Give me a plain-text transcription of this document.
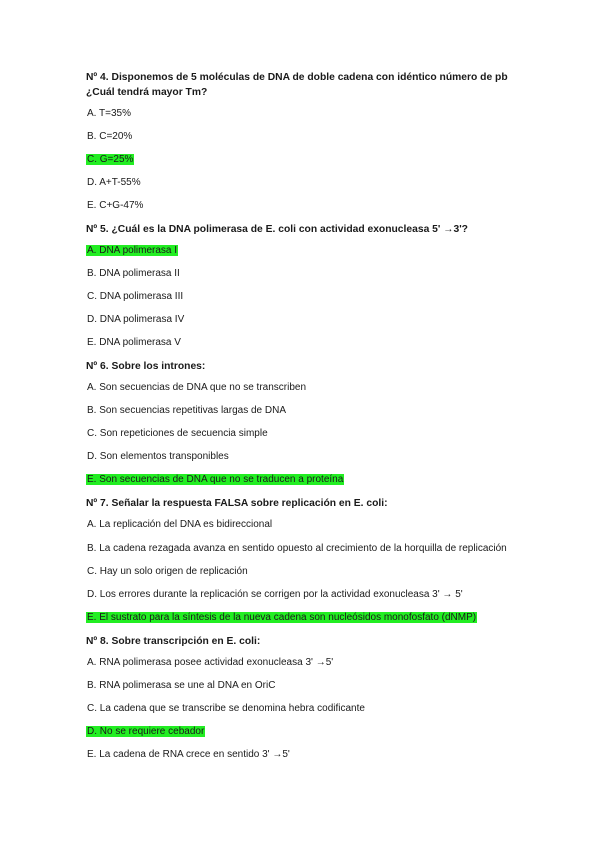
Nº 4. Disponemos de 5 moléculas de DNA de doble cadena con idéntico número de pb ¿Cuál tendrá mayor Tm?
A. T=35%
B. C=20%
C. G=25%
D. A+T-55%
E. C+G-47%
Nº 5. ¿Cuál es la DNA polimerasa de E. coli con actividad exonucleasa 5' →3'?
A. DNA polimerasa I
B. DNA polimerasa II
C. DNA polimerasa III
D. DNA polimerasa IV
E. DNA polimerasa V
Nº 6. Sobre los intrones:
A. Son secuencias de DNA que no se transcriben
B. Son secuencias repetitivas largas de DNA
C. Son repeticiones de secuencia simple
D. Son elementos transponibles
E. Son secuencias de DNA que no se traducen a proteína
Nº 7. Señalar la respuesta FALSA sobre replicación en E. coli:
A. La replicación del DNA es bidireccional
B. La cadena rezagada avanza en sentido opuesto al crecimiento de la horquilla de replicación
C. Hay un solo origen de replicación
D. Los errores durante la replicación se corrigen por la actividad exonucleasa 3' → 5'
E. El sustrato para la síntesis de la nueva cadena son nucleósidos monofosfato (dNMP)
Nº 8. Sobre transcripción en E. coli:
A. RNA polimerasa posee actividad exonucleasa 3' →5'
B. RNA polimerasa se une al DNA en OriC
C. La cadena que se transcribe se denomina hebra codificante
D. No se requiere cebador
E. La cadena de RNA crece en sentido 3' →5'
